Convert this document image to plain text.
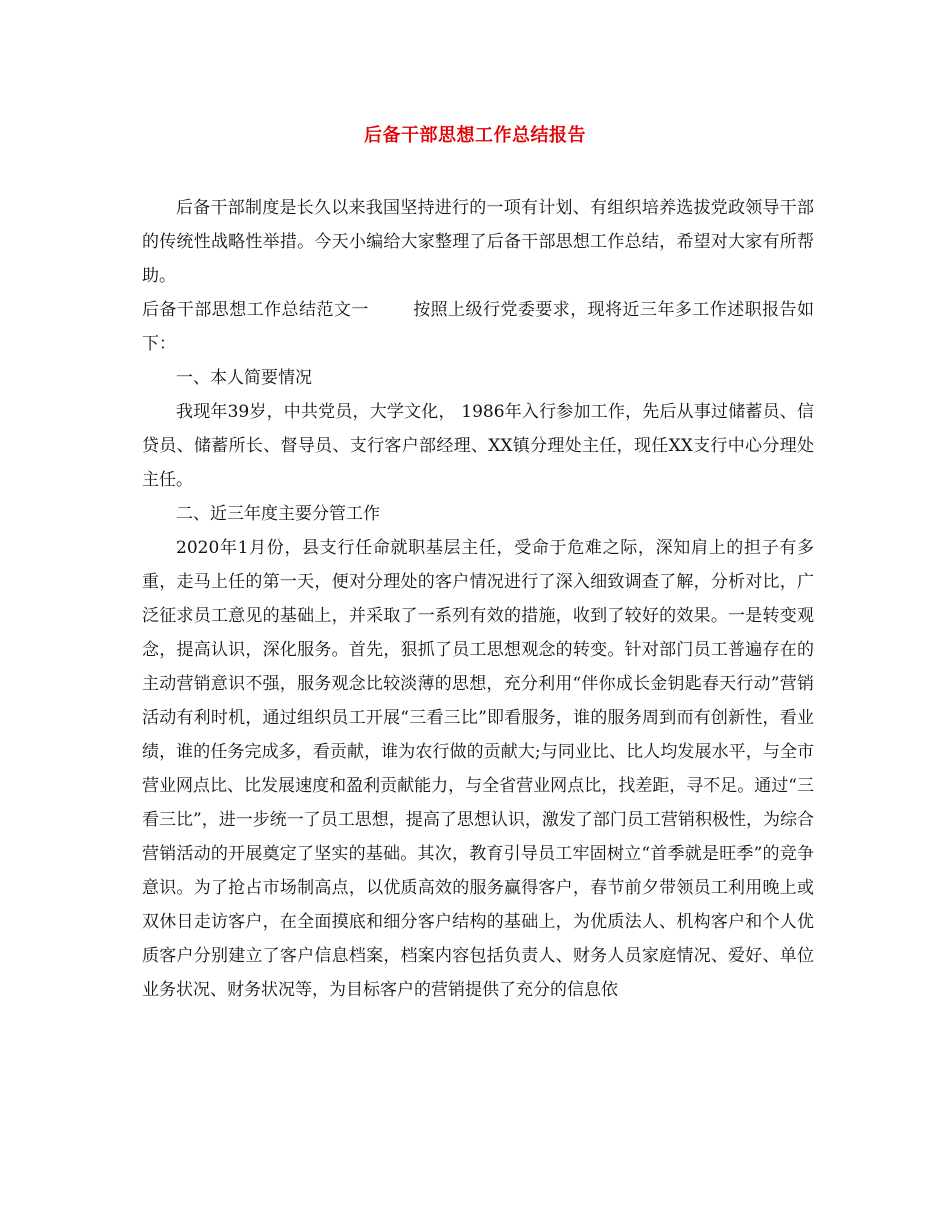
后备干部思想工作总结报告

后备干部制度是长久以来我国坚持进行的一项有计划、有组织培养选拔党政领导干部的传统性战略性举措。今天小编给大家整理了后备干部思想工作总结，希望对大家有所帮助。

后备干部思想工作总结范文一	按照上级行党委要求，现将近三年多工作述职报告如下：

一、本人简要情况

我现年39岁，中共党员，大学文化， 1986年入行参加工作，先后从事过储蓄员、信贷员、储蓄所长、督导员、支行客户部经理、XX镇分理处主任，现任XX支行中心分理处主任。

二、近三年度主要分管工作

2020年1月份，县支行任命就职基层主任，受命于危难之际，深知肩上的担子有多重，走马上任的第一天，便对分理处的客户情况进行了深入细致调查了解，分析对比，广泛征求员工意见的基础上，并采取了一系列有效的措施，收到了较好的效果。一是转变观念，提高认识，深化服务。首先，狠抓了员工思想观念的转变。针对部门员工普遍存在的主动营销意识不强，服务观念比较淡薄的思想，充分利用“伴你成长金钥匙春天行动”营销活动有利时机，通过组织员工开展“三看三比”即看服务，谁的服务周到而有创新性，看业绩，谁的任务完成多，看贡献，谁为农行做的贡献大;与同业比、比人均发展水平，与全市营业网点比、比发展速度和盈利贡献能力，与全省营业网点比，找差距，寻不足。通过“三看三比”，进一步统一了员工思想，提高了思想认识，激发了部门员工营销积极性，为综合营销活动的开展奠定了坚实的基础。其次，教育引导员工牢固树立“首季就是旺季”的竞争意识。为了抢占市场制高点，以优质高效的服务赢得客户，春节前夕带领员工利用晚上或双休日走访客户，在全面摸底和细分客户结构的基础上，为优质法人、机构客户和个人优质客户分别建立了客户信息档案，档案内容包括负责人、财务人员家庭情况、爱好、单位业务状况、财务状况等，为目标客户的营销提供了充分的信息依
